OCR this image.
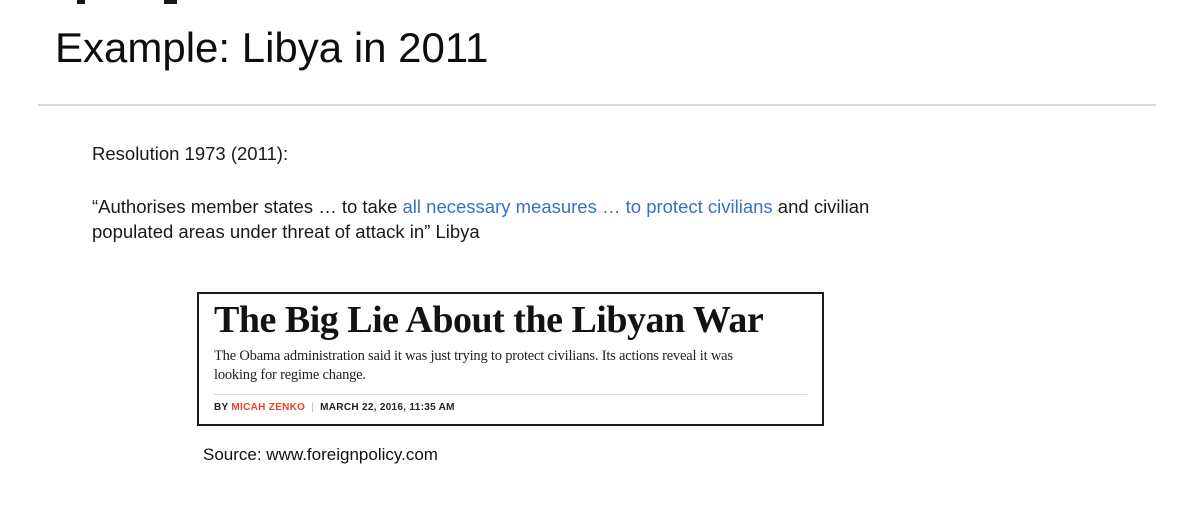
Example: Libya in 2011
Resolution 1973 (2011):
“Authorises member states … to take all necessary measures … to protect civilians and civilian
populated areas under threat of attack in” Libya
The Big Lie About the Libyan War
The Obama administration said it was just trying to protect civilians. Its actions reveal it was
looking for regime change.
BY MICAH ZENKO | MARCH 22, 2016, 11:35 AM
Source: www.foreignpolicy.com
